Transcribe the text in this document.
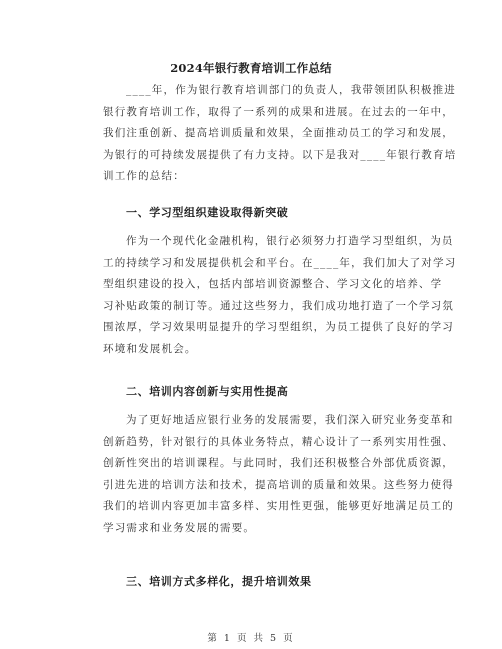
2024年银行教育培训工作总结
____年，作为银行教育培训部门的负责人，我带领团队积极推进
银行教育培训工作，取得了一系列的成果和进展。在过去的一年中，
我们注重创新、提高培训质量和效果，全面推动员工的学习和发展，
为银行的可持续发展提供了有力支持。以下是我对____年银行教育培
训工作的总结：
一、学习型组织建设取得新突破
作为一个现代化金融机构，银行必须努力打造学习型组织，为员
工的持续学习和发展提供机会和平台。在____年，我们加大了对学习
型组织建设的投入，包括内部培训资源整合、学习文化的培养、学
习补贴政策的制订等。通过这些努力，我们成功地打造了一个学习氛
围浓厚，学习效果明显提升的学习型组织，为员工提供了良好的学习
环境和发展机会。
二、培训内容创新与实用性提高
为了更好地适应银行业务的发展需要，我们深入研究业务变革和
创新趋势，针对银行的具体业务特点，精心设计了一系列实用性强、
创新性突出的培训课程。与此同时，我们还积极整合外部优质资源，
引进先进的培训方法和技术，提高培训的质量和效果。这些努力使得
我们的培训内容更加丰富多样、实用性更强，能够更好地满足员工的
学习需求和业务发展的需要。
三、培训方式多样化，提升培训效果
第 1 页 共 5 页
